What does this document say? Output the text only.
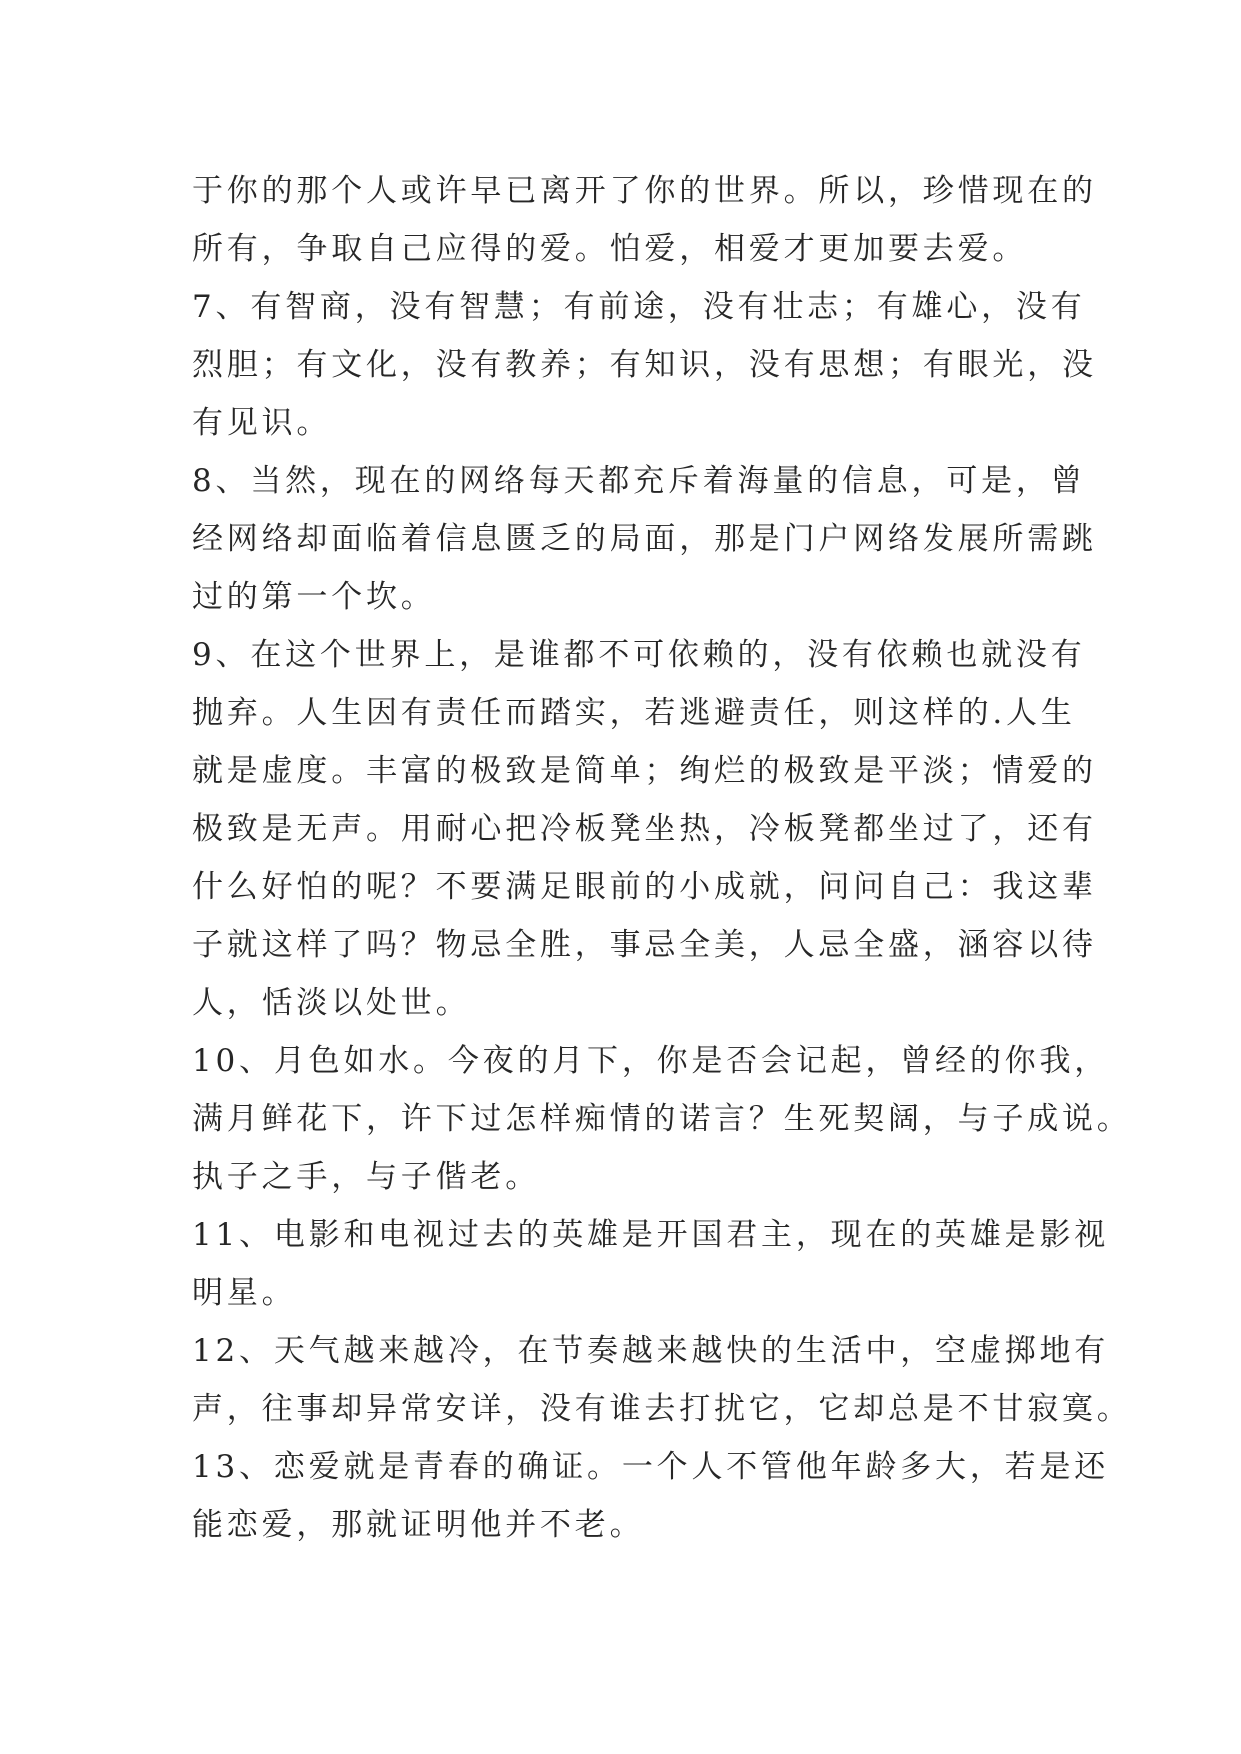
于你的那个人或许早已离开了你的世界。所以，珍惜现在的
所有，争取自己应得的爱。怕爱，相爱才更加要去爱。
7、有智商，没有智慧；有前途，没有壮志；有雄心，没有
烈胆；有文化，没有教养；有知识，没有思想；有眼光，没
有见识。
8、当然，现在的网络每天都充斥着海量的信息，可是，曾
经网络却面临着信息匮乏的局面，那是门户网络发展所需跳
过的第一个坎。
9、在这个世界上，是谁都不可依赖的，没有依赖也就没有
抛弃。人生因有责任而踏实，若逃避责任，则这样的.人生
就是虚度。丰富的极致是简单；绚烂的极致是平淡；情爱的
极致是无声。用耐心把冷板凳坐热，冷板凳都坐过了，还有
什么好怕的呢？不要满足眼前的小成就，问问自己：我这辈
子就这样了吗？物忌全胜，事忌全美，人忌全盛，涵容以待
人，恬淡以处世。
10、月色如水。今夜的月下，你是否会记起，曾经的你我，
满月鲜花下，许下过怎样痴情的诺言？生死契阔，与子成说。
执子之手，与子偕老。
11、电影和电视过去的英雄是开国君主，现在的英雄是影视
明星。
12、天气越来越冷，在节奏越来越快的生活中，空虚掷地有
声，往事却异常安详，没有谁去打扰它，它却总是不甘寂寞。
13、恋爱就是青春的确证。一个人不管他年龄多大，若是还
能恋爱，那就证明他并不老。
